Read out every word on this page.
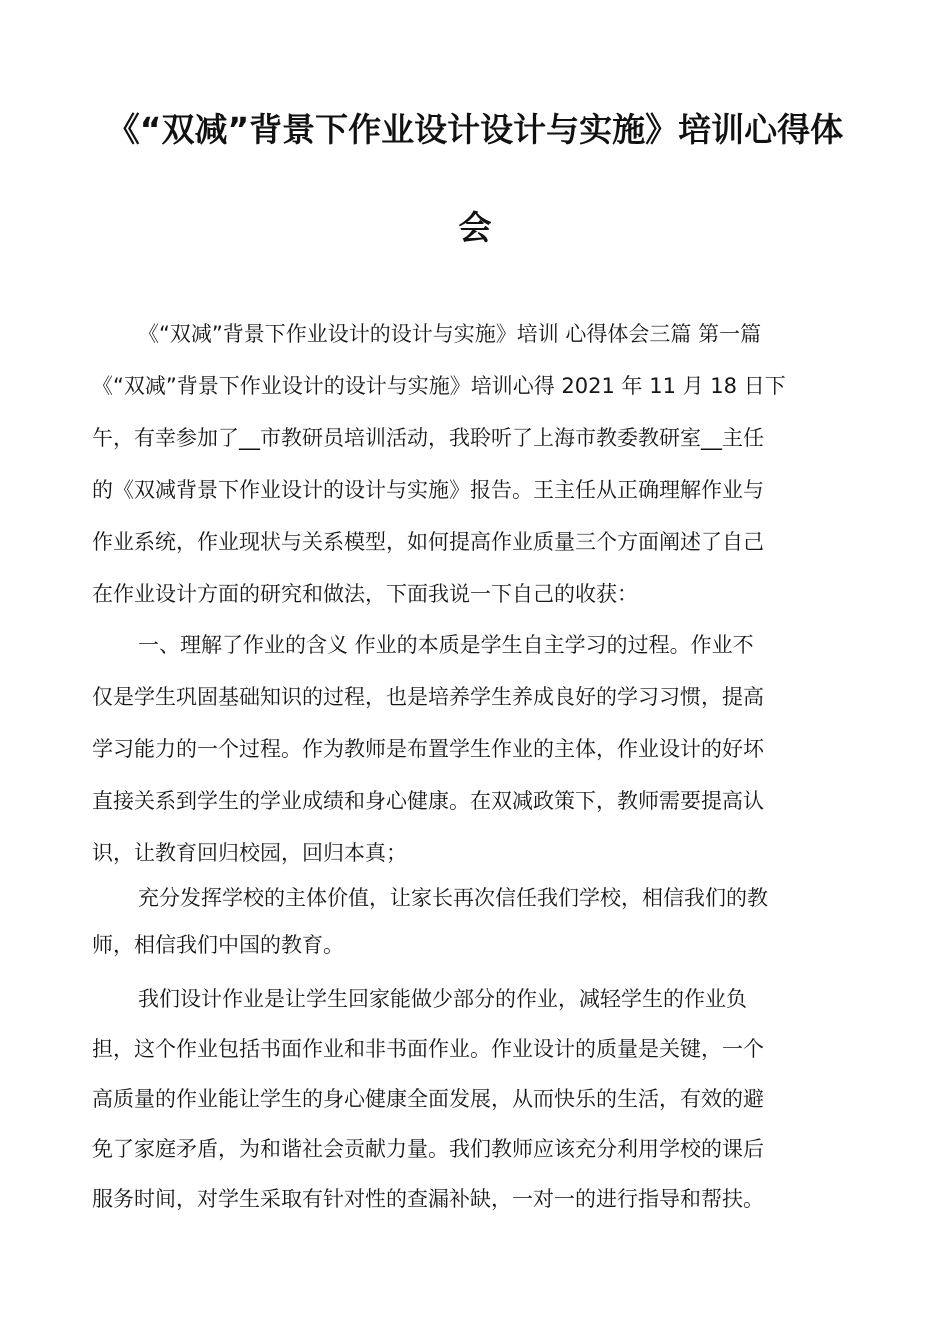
《“双减”背景下作业设计设计与实施》培训心得体
会
《“双减”背景下作业设计的设计与实施》培训 心得体会三篇 第一篇
《“双减”背景下作业设计的设计与实施》培训心得 2021 年 11 月 18 日下
午，有幸参加了__市教研员培训活动，我聆听了上海市教委教研室__主任
的《双减背景下作业设计的设计与实施》报告。王主任从正确理解作业与
作业系统，作业现状与关系模型，如何提高作业质量三个方面阐述了自己
在作业设计方面的研究和做法，下面我说一下自己的收获：
一、理解了作业的含义 作业的本质是学生自主学习的过程。作业不
仅是学生巩固基础知识的过程，也是培养学生养成良好的学习习惯，提高
学习能力的一个过程。作为教师是布置学生作业的主体，作业设计的好坏
直接关系到学生的学业成绩和身心健康。在双减政策下，教师需要提高认
识，让教育回归校园，回归本真；
充分发挥学校的主体价值，让家长再次信任我们学校，相信我们的教
师，相信我们中国的教育。
我们设计作业是让学生回家能做少部分的作业，减轻学生的作业负
担，这个作业包括书面作业和非书面作业。作业设计的质量是关键，一个
高质量的作业能让学生的身心健康全面发展，从而快乐的生活，有效的避
免了家庭矛盾，为和谐社会贡献力量。我们教师应该充分利用学校的课后
服务时间，对学生采取有针对性的查漏补缺，一对一的进行指导和帮扶。
